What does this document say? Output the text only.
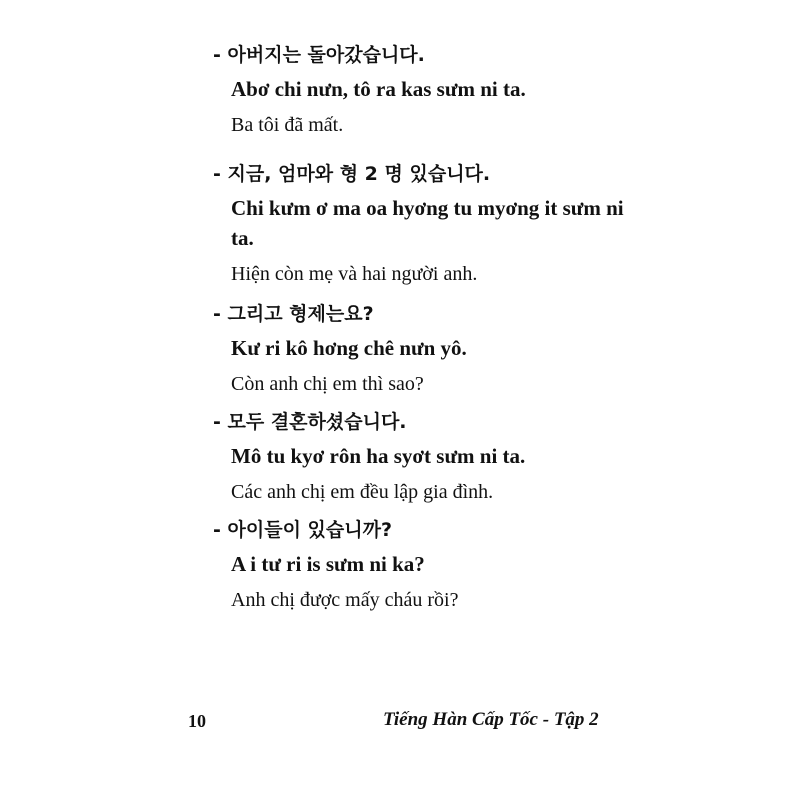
- 아버지는 돌아갔습니다.

Abơ chi nưn, tô ra kas sưm ni ta.

Ba tôi đã mất.

- 지금, 엄마와 형 2 명 있습니다.

Chi kưm ơ ma oa hyơng tu myơng it sưm ni ta.

Hiện còn mẹ và hai người anh.

- 그리고 형제는요?

Kư ri kô hơng chê nưn yô.

Còn anh chị em thì sao?

- 모두 결혼하셨습니다.

Mô tu kyơ rôn ha syơt sưm ni ta.

Các anh chị em đều lập gia đình.

- 아이들이 있습니까?

A i tư ri is sưm ni ka?

Anh chị được mấy cháu rồi?

10	Tiếng Hàn Cấp Tốc - Tập 2
